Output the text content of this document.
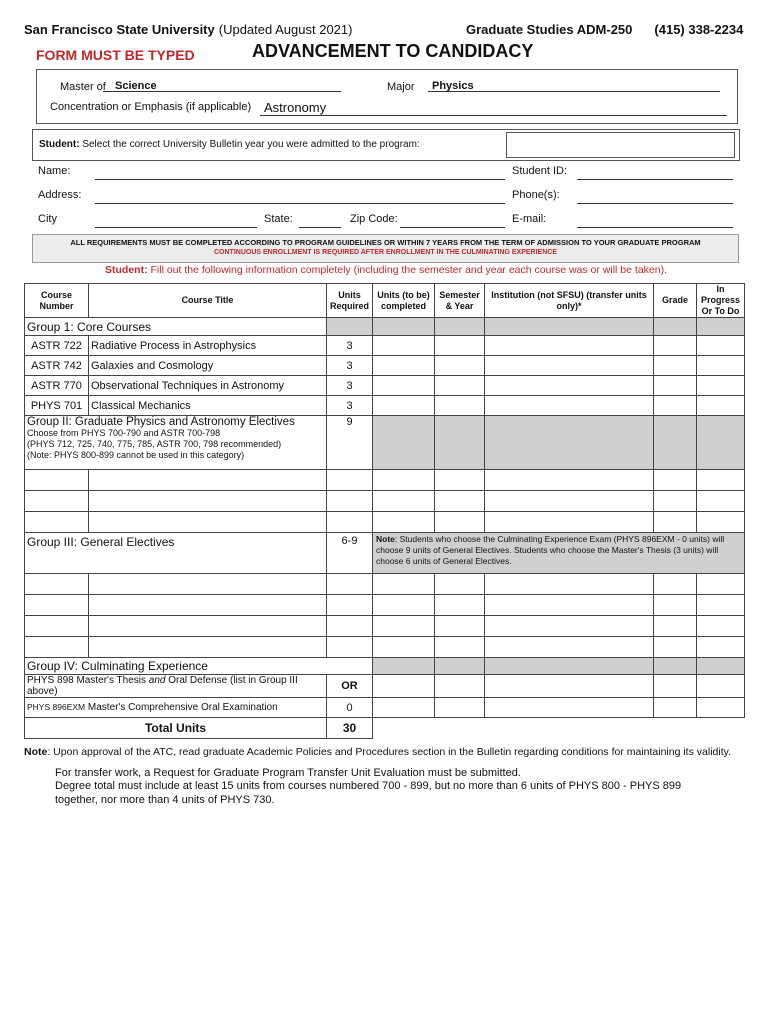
San Francisco State University (Updated August 2021)	Graduate Studies ADM-250 (415) 338-2234
FORM MUST BE TYPED	ADVANCEMENT TO CANDIDACY
Master of Science	Major	Physics
Concentration or Emphasis (if applicable) Astronomy
Student: Select the correct University Bulletin year you were admitted to the program:
Name:	Student ID:
Address:	Phone(s):
City	State:	Zip Code:	E-mail:
ALL REQUIREMENTS MUST BE COMPLETED ACCORDING TO PROGRAM GUIDELINES OR WITHIN 7 YEARS FROM THE TERM OF ADMISSION TO YOUR GRADUATE PROGRAM
CONTINUOUS ENROLLMENT IS REQUIRED AFTER ENROLLMENT IN THE CULMINATING EXPERIENCE
Student: Fill out the following information completely (including the semester and year each course was or will be taken).
Course Number	Course Title	Units Required	Units (to be) completed	Semester & Year	Institution (not SFSU) (transfer units only)*	Grade	In Progress Or To Do
Group 1: Core Courses							
ASTR 722	Radiative Process in Astrophysics	3					
ASTR 742	Galaxies and Cosmology	3					
ASTR 770	Observational Techniques in Astronomy	3					
PHYS 701	Classical Mechanics	3					

Group II: Graduate Physics and Astronomy Electives
Choose from PHYS 700-790 and ASTR 700-798
(PHYS 712, 725, 740, 775, 785, ASTR 700, 798 recommended)
(Note: PHYS 800-899 cannot be used in this category)		9					

Group III: General Electives		6-9	Note: Students who choose the Culminating Experience Exam (PHYS 896EXM - 0 units) will choose 9 units of General Electives. Students who choose the Master's Thesis (3 units) will choose 6 units of General Electives.				

Group IV: Culminating Experience							
PHYS 898 Master's Thesis and Oral Defense (list in Group III above)		OR					
PHYS 896EXM Master's Comprehensive Oral Examination		0					
Total Units		30					
Note: Upon approval of the ATC, read graduate Academic Policies and Procedures section in the Bulletin regarding conditions for maintaining its validity.
For transfer work, a Request for Graduate Program Transfer Unit Evaluation must be submitted.
Degree total must include at least 15 units from courses numbered 700 - 899, but no more than 6 units of PHYS 800 - PHYS 899
together, nor more than 4 units of PHYS 730.
